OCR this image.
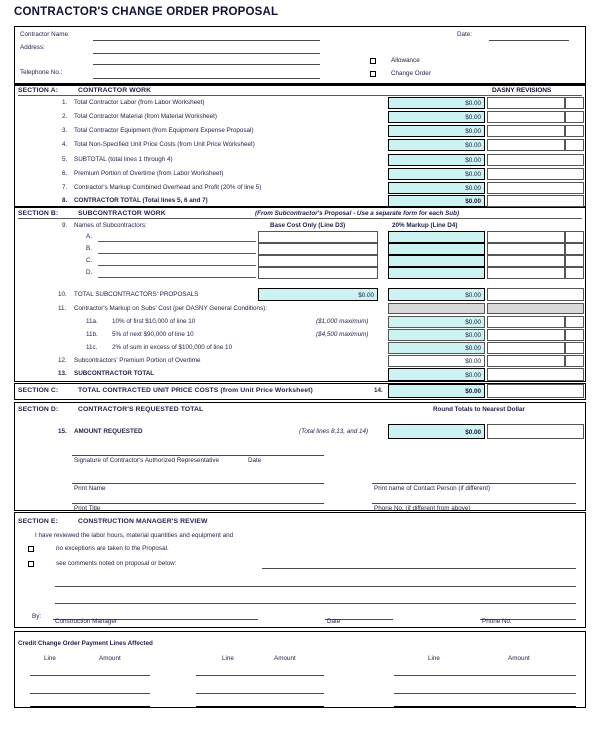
CONTRACTOR'S CHANGE ORDER PROPOSAL
Contractor Name:
Address:
Telephone No.:
Date:
Allowance
Change Order
SECTION A:	CONTRACTOR WORK	DASNY REVISIONS
1. Total Contractor Labor (from Labor Worksheet)	$0.00
2. Total Contractor Material (from Material Worksheet)	$0.00
3. Total Contractor Equipment (from Equipment Expense Proposal)	$0.00
4. Total Non-Specified Unit Price Costs (from Unit Price Worksheet)	$0.00
5. SUBTOTAL (total lines 1 through 4)	$0.00
6. Premium Portion of Overtime (from Labor Worksheet)	$0.00
7. Contractor's Markup Combined Overhead and Profit (20% of line 5)	$0.00
8. CONTRACTOR TOTAL (Total lines 5, 6 and 7)	$0.00
SECTION B:	SUBCONTRACTOR WORK	(From Subcontractor's Proposal - Use a separate form for each Sub)
9. Names of Subcontractors:	Base Cost Only (Line D3)	20% Markup (Line D4)
A.
B.
C.
D.
10. TOTAL SUBCONTRACTORS' PROPOSALS	$0.00	$0.00
11. Contractor's Markup on Subs' Cost (per DASNY General Conditions):
11a. 10% of first $10,000 of line 10	($1,000 maximum)	$0.00
11b. 5% of next $90,000 of line 10	($4,500 maximum)	$0.00
11c. 2% of sum in excess of $100,000 of line 10	$0.00
12. Subcontractors' Premium Portion of Overtime	$0.00
13. SUBCONTRACTOR TOTAL	$0.00
SECTION C:	TOTAL CONTRACTED UNIT PRICE COSTS (from Unit Price Worksheet)	14.	$0.00
SECTION D:	CONTRACTOR'S REQUESTED TOTAL	Round Totals to Nearest Dollar
15. AMOUNT REQUESTED	(Total lines 8,13, and 14)	$0.00
Signature of Contractor's Authorized Representative	Date
Print Name	Print name of Contact Person (if different)
Print Title	Phone No. (if different from above)
SECTION E:	CONSTRUCTION MANAGER'S REVIEW
I have reviewed the labor hours, material quantities and equipment and
no exceptions are taken to the Proposal.
see comments noted on proposal or below:
By:
Construction Manager	Date	Phone No.
Credit Change Order Payment Lines Affected
Line	Amount	Line	Amount	Line	Amount
